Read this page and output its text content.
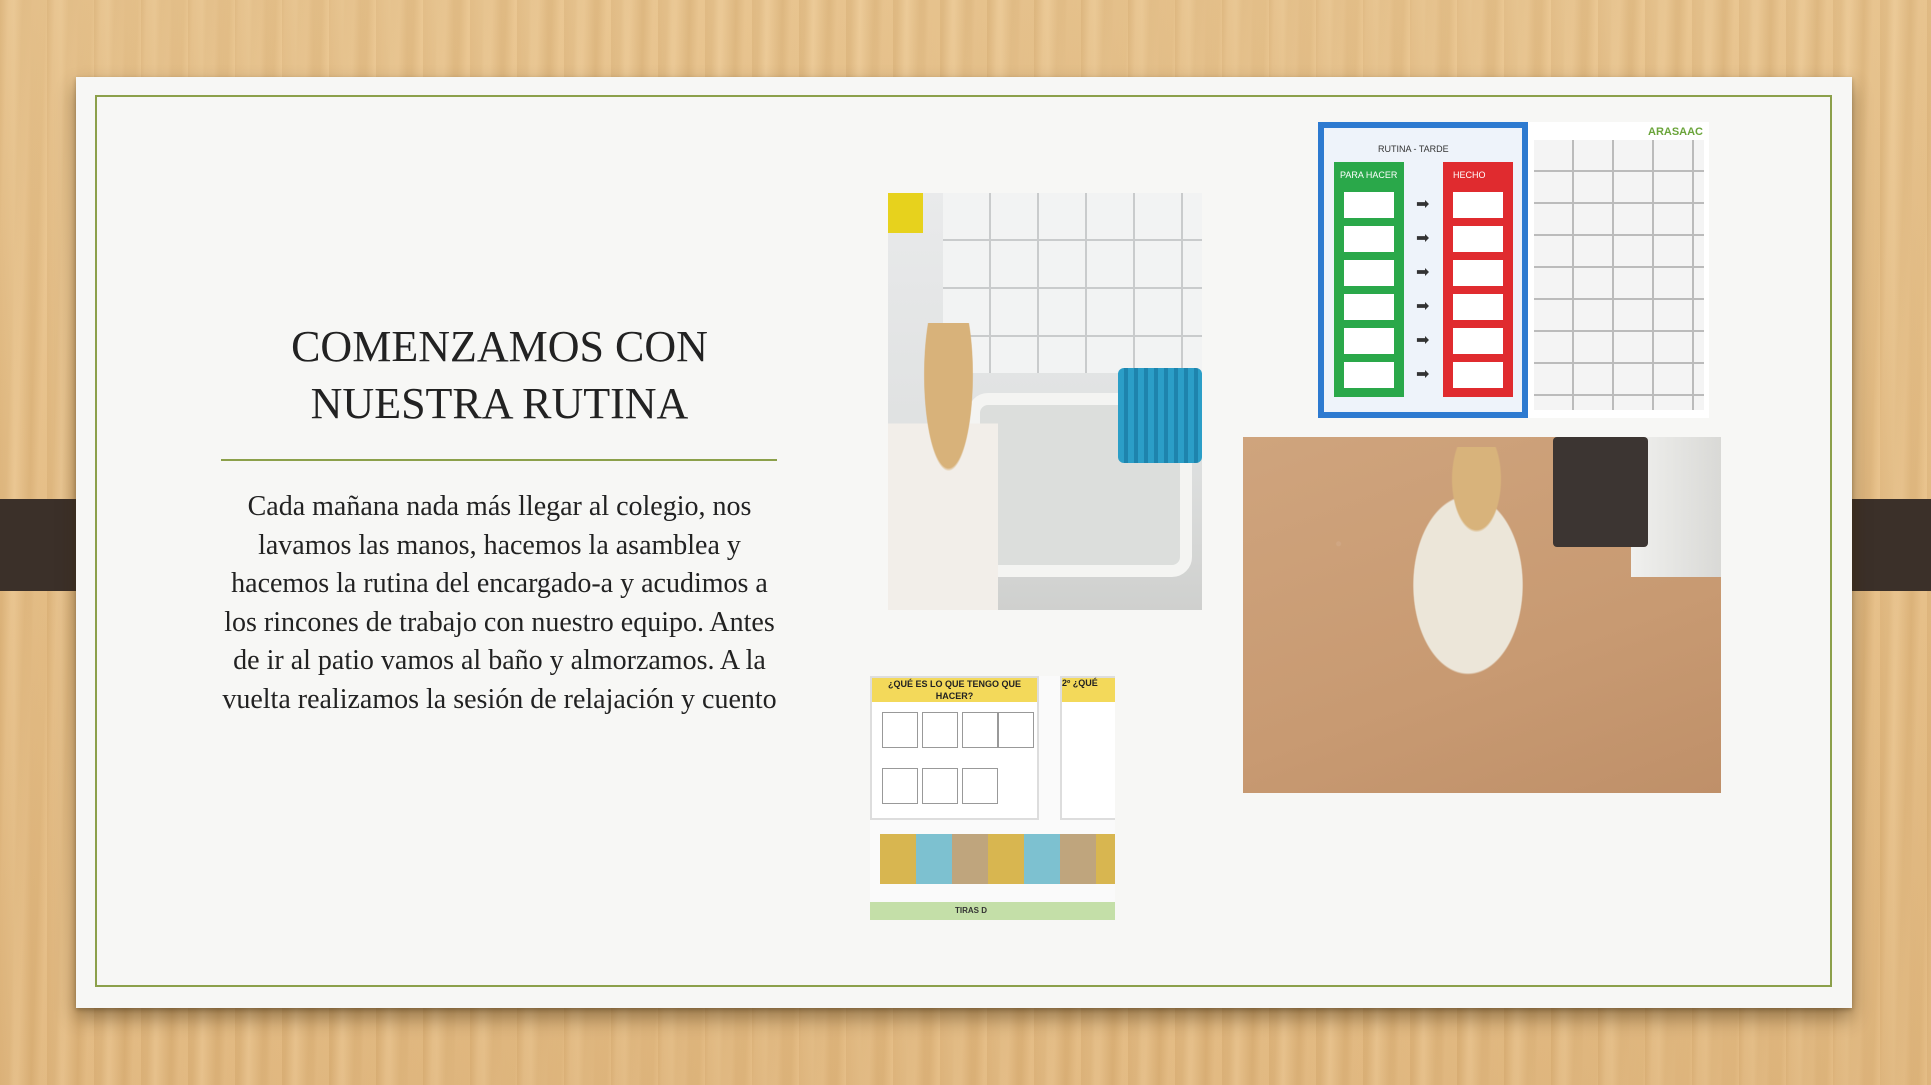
COMENZAMOS CON
NUESTRA RUTINA

Cada mañana nada más llegar al colegio, nos lavamos las manos, hacemos la asamblea y hacemos la rutina del encargado-a y acudimos a los rincones de trabajo con nuestro equipo. Antes de ir al patio vamos al baño y almorzamos. A la vuelta realizamos la sesión de relajación y cuento

RUTINA - TARDE
PARA HACER	HECHO
➡
➡
➡
➡
➡
➡
ARASAAC
¿QUÉ ES LO QUE TENGO QUE HACER?
2º ¿QUÉ
TIRAS D
